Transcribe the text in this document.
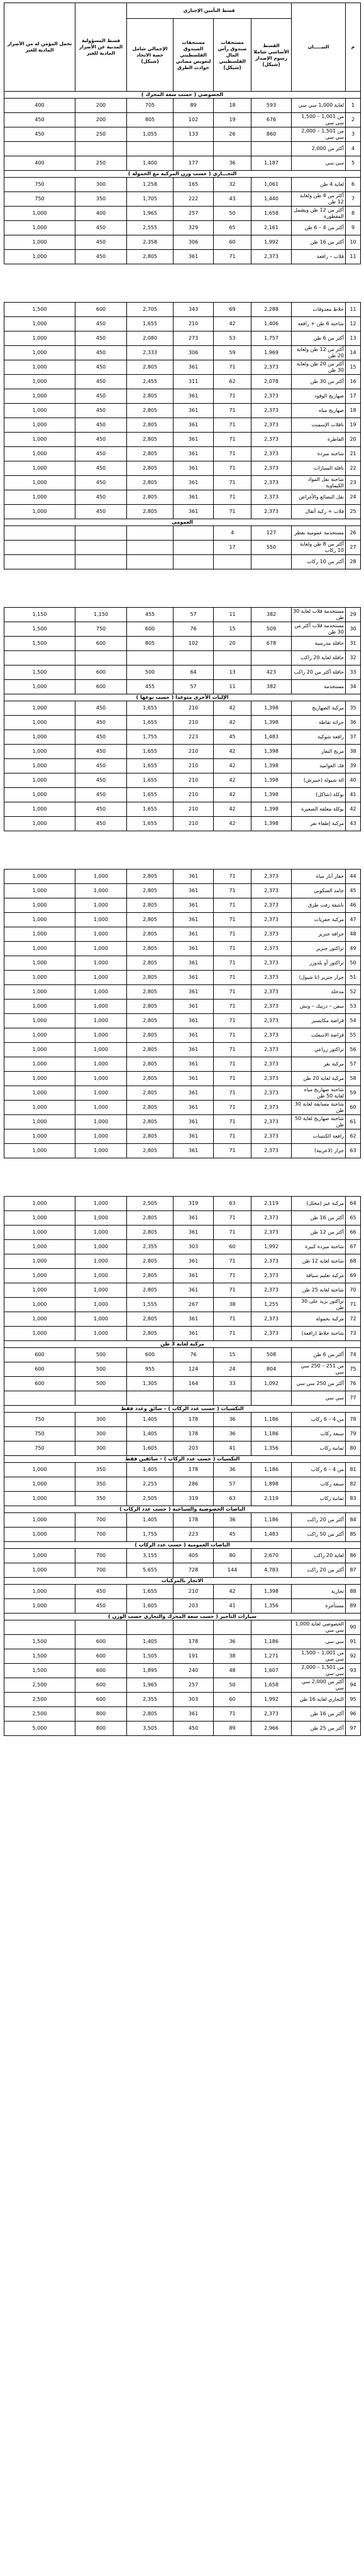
م	البيـــــان	قسط التأمين الإجباري				قسط المسؤولية المدنية عن الأضرار المادية للغير	تحمل المؤمن له من الأضرار المادية للغير
		القسط الأساسي شاملا رسوم الإصدار (شيكل)	مستحقات صندوق رأس المال الفلسطيني (شيكل)	مستحقات الصندوق الفلسطيني لتعويض مصابي حوادث الطرق	الإجمالي شامل حصة الاتحاد (شيكل)		
الخصوصي ( حسب سعة المحرك )							
1	لغاية 1,000 سي سي	593	18	89	705	200	400
2	من 1,001 – 1,500 سي سي	676	19	102	805	200	450
3	من 1,501 – 2,000 سي سي	860	26	133	1,055	250	450
4	أكثر من 2,000						
5	سي سي	1,187	36	177	1,400	250	400
التجـــاري ( حسب وزن المركبة مع الحمولة )							
6	لغاية 4 طن	1,061	32	165	1,258	300	750
7	أكثر من 4 طن ولغاية 12 طن	1,440	43	222	1,705	350	750
8	أكثر من 12 طن ويشمل المقطورة	1,658	50	257	1,965	400	1,000
9	أكثر من 4 – 6 طن	2,161	65	329	2,555	450	1,000
10	أكثر من 16 طن	1,992	60	306	2,358	450	1,000
11	قلاب – رافعة	2,373	71	361	2,805	450	1,000

11	خلاط معدوقات	2,288	69	343	2,705	600	1,500
12	شاحنة 6 طن + رافعة	1,406	42	210	1,655	450	1,000
13	أكثر من 6 طن	1,757	53	273	2,080	450	1,000
14	أكثر من 12 طن ولغاية 20 طن	1,969	59	306	2,333	450	1,000
15	أكثر من 20 طن ولغاية 30 طن	2,373	71	361	2,805	450	1,000
16	أكثر من 30 طن	2,078	62	311	2,455	450	1,000
17	صهاريج الوقود	2,373	71	361	2,805	450	1,000
18	صهاريج مياه	2,373	71	361	2,805	450	1,000
19	ناقلات الإسمنت	2,373	71	361	2,805	450	1,000
20	القاطرة	2,373	71	361	2,805	450	1,000
21	شاحنة مبردة	2,373	71	361	2,805	450	1,000
22	ناقلة السيارات	2,373	71	361	2,805	450	1,000
23	شاحنة نقل المواد الكيماوية	2,373	71	361	2,805	450	1,000
24	نقل البضائع والأغراض	2,373	71	361	2,805	450	1,000
25	قلاب + ركبة أثقال	2,373	71	361	2,805	450	1,000
العمومي							
26	مستخدمة عمومية بقطر	127	4				
27	أكثر من 8 طن ولغاية 10 ركاب	550	17				
28	أكثر من 10 ركاب						

29	مستخدمة قلاب لغاية 30 طن	382	11	57	455	1,150	1,150
30	مستخدمة قلاب أكثر من 30 طن	509	15	76	600	750	1,500
31	حافلة مدرسية	678	20	102	805	600	1,500
32	حافلة لغاية 20 راكب						
33	حافلة أكثر من 20 راكب	423	13	64	500	600	1,500
34	مستخدمة	382	11	57	455	600	1,000
الإليات الأخرى متوعدا ( حسب نوعها )							
35	مركبة الصهاريج	1,398	42	210	1,655	450	1,000
36	حراثة نقاطة	1,398	42	210	1,655	450	1,000
37	رافعة شوكية	1,483	45	223	1,755	450	1,000
38	مزيج النفار	1,398	42	210	1,655	450	1,000
39	فك العواميد	1,398	42	210	1,655	450	1,000
40	الة شيولة (حبيرش)	1,398	42	210	1,655	450	1,000
41	بوكلة (شاكل)	1,398	42	210	1,655	450	1,000
42	بوكلة مغلقة الصغيرة	1,398	42	210	1,655	450	1,000
43	مركبة إطفاء نفر	1,398	42	210	1,655	450	1,000

44	حفار آبار مياه	2,373	71	361	2,805	1,000	1,000
45	جامد السكوبي	2,373	71	361	2,805	1,000	1,000
46	ناشفة زفت طرق	2,373	71	361	2,805	1,000	1,000
47	مركبة حفريات	2,373	71	361	2,805	1,000	1,000
48	جرافة جنزير	2,373	71	361	2,805	1,000	1,000
49	تراكتور جنزير	2,373	71	361	2,805	1,000	1,000
50	تراكتور أو بلدوزر	2,373	71	361	2,805	1,000	1,000
51	جرار جنزير (تا شيول)	2,373	71	361	2,805	1,000	1,000
52	مدحلة	2,373	71	361	2,805	1,000	1,000
53	سفن – درنيك – ونش	2,373	71	361	2,805	1,000	1,000
54	قراضة مكايسير	2,373	71	361	2,805	1,000	1,000
55	قراضة الاسفلت	2,373	71	361	2,805	1,000	1,000
56	تراكتور زراعي	2,373	71	361	2,805	1,000	1,000
57	مركبة بقر	2,373	71	361	2,805	1,000	1,000
58	مركبة لغاية 20 طن	2,373	71	361	2,805	1,000	1,000
59	شاحنة صهاريج مياه لغاية 50 طن	2,373	71	361	2,805	1,000	1,000
60	شاحنة مسابقة لغاية 30 طن	2,373	71	361	2,805	1,000	1,000
61	شاحنة صهاريج لغاية 50 طن	2,373	71	361	2,805	1,000	1,000
62	رافعة الكنتينات	2,373	71	361	2,805	1,000	1,000
63	جرار (لاعربية)	2,373	71	361	2,805	1,000	1,000

64	مركبة غير (مخلل)	2,119	63	319	2,505	1,000	1,000
65	أكثر من 16 طن	2,373	71	361	2,805	1,000	1,000
66	أكثر من 12 طن	2,373	71	361	2,805	1,000	1,000
67	شاحنة مبردة كبيرة	1,992	60	303	2,355	1,000	1,000
68	شاحنة لغاية 12 طن	2,373	71	361	2,805	1,000	1,000
69	مركبة تعليم سياقة	2,373	71	361	2,805	1,000	1,000
70	شاحنة لغاية 25 طن	2,373	71	361	2,805	1,000	1,000
71	تراكتور يزيد على 30 طن	1,255	38	267	1,555	1,000	1,000
72	مركبة بحمولة	2,373	71	361	2,805	1,000	1,000
73	شاحنة خلاط (رافعة)	2,373	71	361	2,805	1,000	1,000
مركبة لغاية 3 طن							
74	أكثر من 6 طن	508	15	76	600	500	600
75	من 251 – 250 سي سي	804	24	124	955	500	600
76	أكثر من 250 سي سي	1,092	33	164	1,305	500	600
77	سي سي						
التكسيات ( حسب عدد الركاب ) – سائق وعدد فقط							
78	من 4 – 6 ركاب	1,186	36	178	1,405	300	750
79	سبعة ركاب	1,186	36	178	1,405	300	750
80	ثمانية ركاب	1,356	41	203	1,605	300	750
التكسيات ( حسب عدد الركاب ) – سائقين فقط							
81	من 4 – 6 ركاب	1,186	36	178	1,405	350	1,000
82	سبعة ركاب	1,898	57	286	2,255	350	1,000
83	ثمانية ركاب	2,119	63	319	2,505	350	1,000
الباصات الخصوصية والسياحية ( حسب عدد الركاب )							
84	أكثر من 20 راكب	1,186	36	178	1,405	700	1,000
85	أكثر من 50 راكب	1,483	45	223	1,755	700	1,000
الباصات العمومية ( حسب عدد الركاب )							
86	لغاية 20 راكب	2,670	80	405	3,155	700	1,000
87	أكثر من 20 راكب	4,783	144	728	5,655	700	1,000
الاتجار بالمركبات							
88	تجارية	1,398	42	210	1,655	450	1,000
89	مستأجرة	1,356	41	203	1,605	450	1,000
سيارات التأجير ( حسب سعة المحرك والتجاري حسب الوزن )							
90	الخصوصي لغاية 1,000 سي سي						
91	سي سي	1,186	36	178	1,405	600	1,500
92	من 1,001 – 1,500 سي سي	1,271	38	191	1,505	600	1,500
93	من 1,501 – 2,000 سي سي	1,607	48	240	1,895	600	1,500
94	أكثر من 2,000 سي سي	1,658	50	257	1,965	600	2,500
95	التجاري لغاية 16 طن	1,992	60	303	2,355	600	2,500
96	أكثر من 16 طن	2,373	71	361	2,805	800	2,500
97	أكثر من 25 طن	2,966	89	450	3,505	800	5,000
